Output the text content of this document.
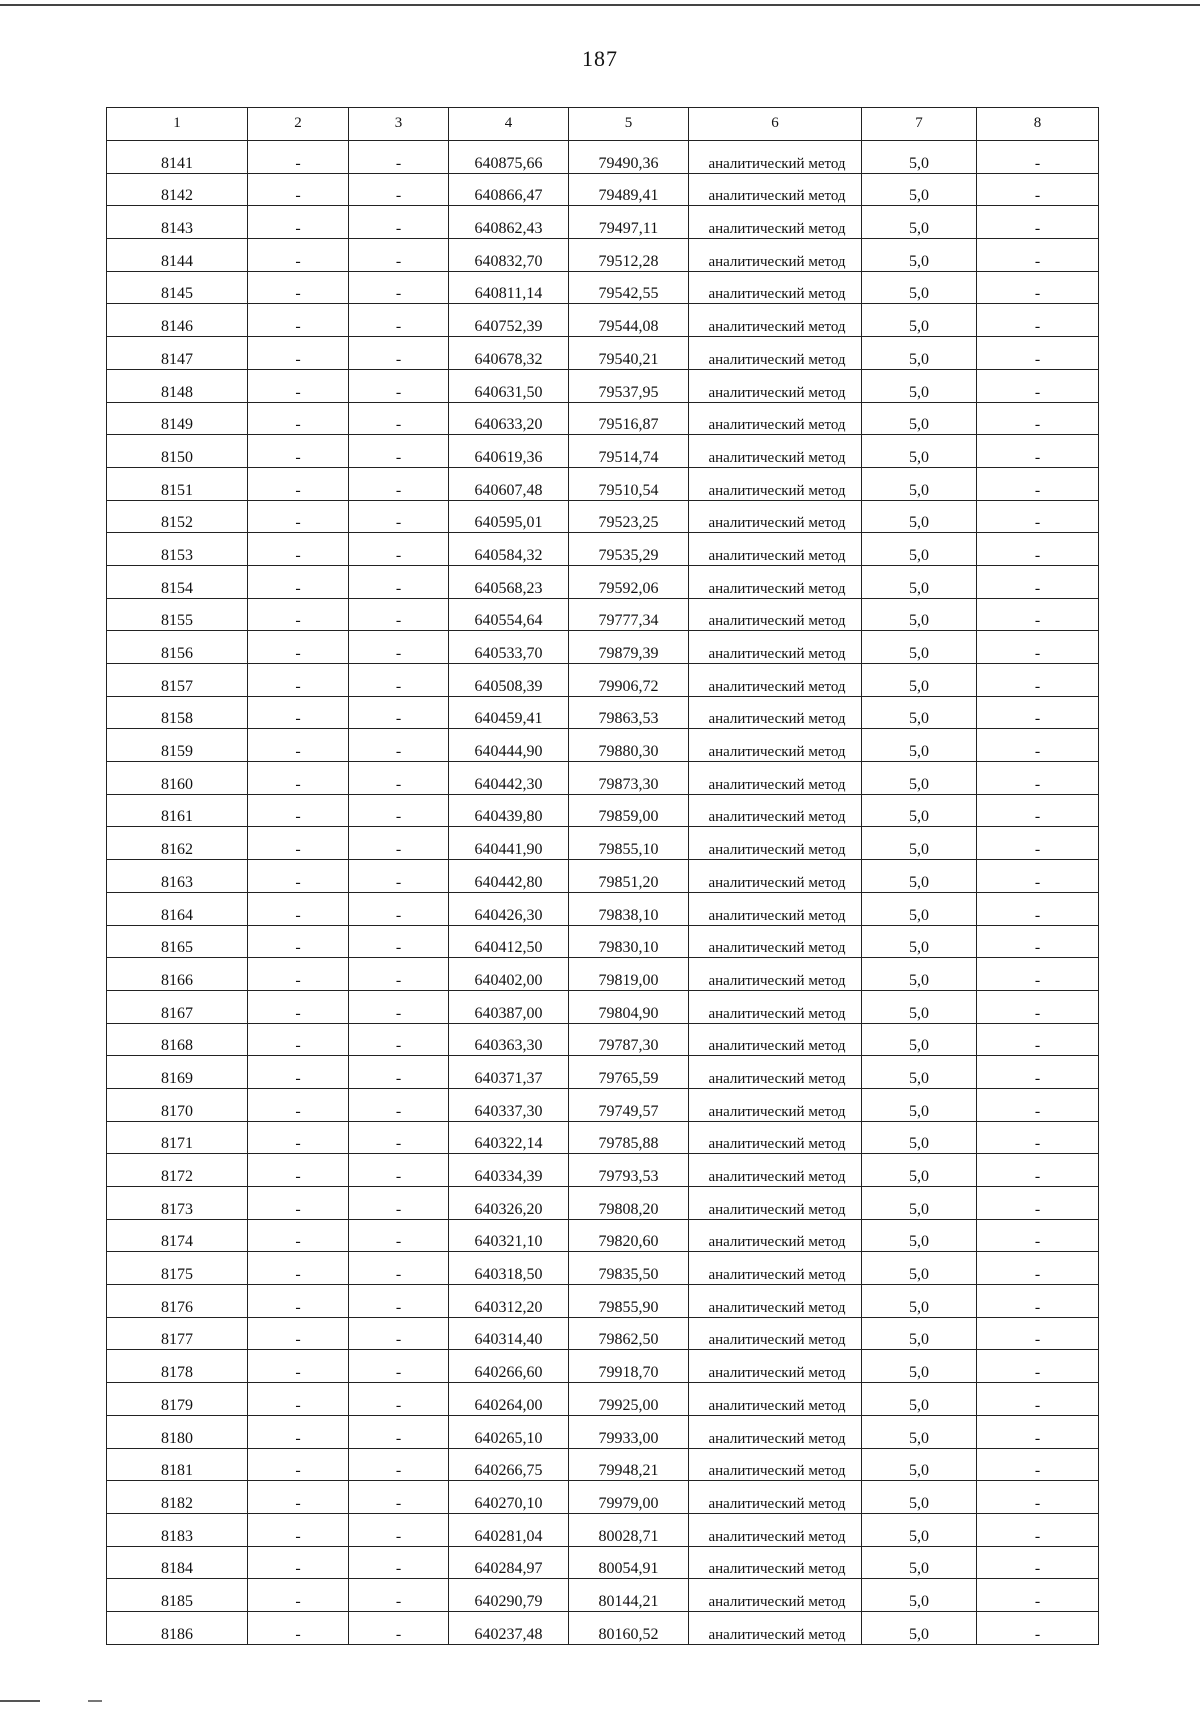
187
1	2	3	4	5	6	7	8
8141	-	-	640875,66	79490,36	аналитический метод	5,0	-
8142	-	-	640866,47	79489,41	аналитический метод	5,0	-
8143	-	-	640862,43	79497,11	аналитический метод	5,0	-
8144	-	-	640832,70	79512,28	аналитический метод	5,0	-
8145	-	-	640811,14	79542,55	аналитический метод	5,0	-
8146	-	-	640752,39	79544,08	аналитический метод	5,0	-
8147	-	-	640678,32	79540,21	аналитический метод	5,0	-
8148	-	-	640631,50	79537,95	аналитический метод	5,0	-
8149	-	-	640633,20	79516,87	аналитический метод	5,0	-
8150	-	-	640619,36	79514,74	аналитический метод	5,0	-
8151	-	-	640607,48	79510,54	аналитический метод	5,0	-
8152	-	-	640595,01	79523,25	аналитический метод	5,0	-
8153	-	-	640584,32	79535,29	аналитический метод	5,0	-
8154	-	-	640568,23	79592,06	аналитический метод	5,0	-
8155	-	-	640554,64	79777,34	аналитический метод	5,0	-
8156	-	-	640533,70	79879,39	аналитический метод	5,0	-
8157	-	-	640508,39	79906,72	аналитический метод	5,0	-
8158	-	-	640459,41	79863,53	аналитический метод	5,0	-
8159	-	-	640444,90	79880,30	аналитический метод	5,0	-
8160	-	-	640442,30	79873,30	аналитический метод	5,0	-
8161	-	-	640439,80	79859,00	аналитический метод	5,0	-
8162	-	-	640441,90	79855,10	аналитический метод	5,0	-
8163	-	-	640442,80	79851,20	аналитический метод	5,0	-
8164	-	-	640426,30	79838,10	аналитический метод	5,0	-
8165	-	-	640412,50	79830,10	аналитический метод	5,0	-
8166	-	-	640402,00	79819,00	аналитический метод	5,0	-
8167	-	-	640387,00	79804,90	аналитический метод	5,0	-
8168	-	-	640363,30	79787,30	аналитический метод	5,0	-
8169	-	-	640371,37	79765,59	аналитический метод	5,0	-
8170	-	-	640337,30	79749,57	аналитический метод	5,0	-
8171	-	-	640322,14	79785,88	аналитический метод	5,0	-
8172	-	-	640334,39	79793,53	аналитический метод	5,0	-
8173	-	-	640326,20	79808,20	аналитический метод	5,0	-
8174	-	-	640321,10	79820,60	аналитический метод	5,0	-
8175	-	-	640318,50	79835,50	аналитический метод	5,0	-
8176	-	-	640312,20	79855,90	аналитический метод	5,0	-
8177	-	-	640314,40	79862,50	аналитический метод	5,0	-
8178	-	-	640266,60	79918,70	аналитический метод	5,0	-
8179	-	-	640264,00	79925,00	аналитический метод	5,0	-
8180	-	-	640265,10	79933,00	аналитический метод	5,0	-
8181	-	-	640266,75	79948,21	аналитический метод	5,0	-
8182	-	-	640270,10	79979,00	аналитический метод	5,0	-
8183	-	-	640281,04	80028,71	аналитический метод	5,0	-
8184	-	-	640284,97	80054,91	аналитический метод	5,0	-
8185	-	-	640290,79	80144,21	аналитический метод	5,0	-
8186	-	-	640237,48	80160,52	аналитический метод	5,0	-
